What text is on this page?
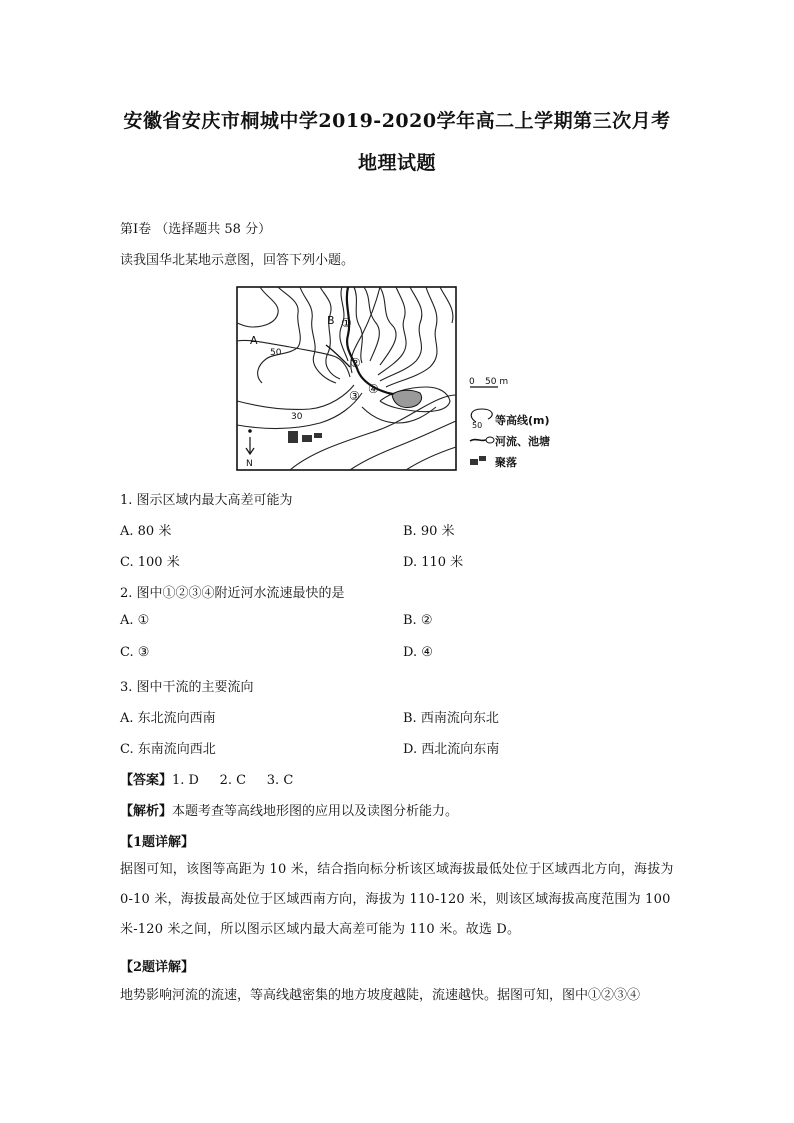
安徽省安庆市桐城中学2019-2020学年高二上学期第三次月考
地理试题
第I卷 （选择题共 58 分）
读我国华北某地示意图，回答下列小题。
N
A
B
50
30
①
②
④
③
0 50 m
50 等高线(m)
河流、池塘
聚落
1. 图示区域内最大高差可能为
A. 80 米	B. 90 米
C. 100 米	D. 110 米
2. 图中①②③④附近河水流速最快的是
A. ①	B. ②
C. ③	D. ④
3. 图中干流的主要流向
A. 东北流向西南	B. 西南流向东北
C. 东南流向西北	D. 西北流向东南
【答案】1. D     2. C     3. C
【解析】本题考查等高线地形图的应用以及读图分析能力。
【1题详解】
据图可知，该图等高距为 10 米，结合指向标分析该区域海拔最低处位于区域西北方向，海拔为 0-10 米，海拔最高处位于区域西南方向，海拔为 110-120 米，则该区域海拔高度范围为 100 米-120 米之间，所以图示区域内最大高差可能为 110 米。故选 D。
【2题详解】
地势影响河流的流速，等高线越密集的地方坡度越陡，流速越快。据图可知，图中①②③④
